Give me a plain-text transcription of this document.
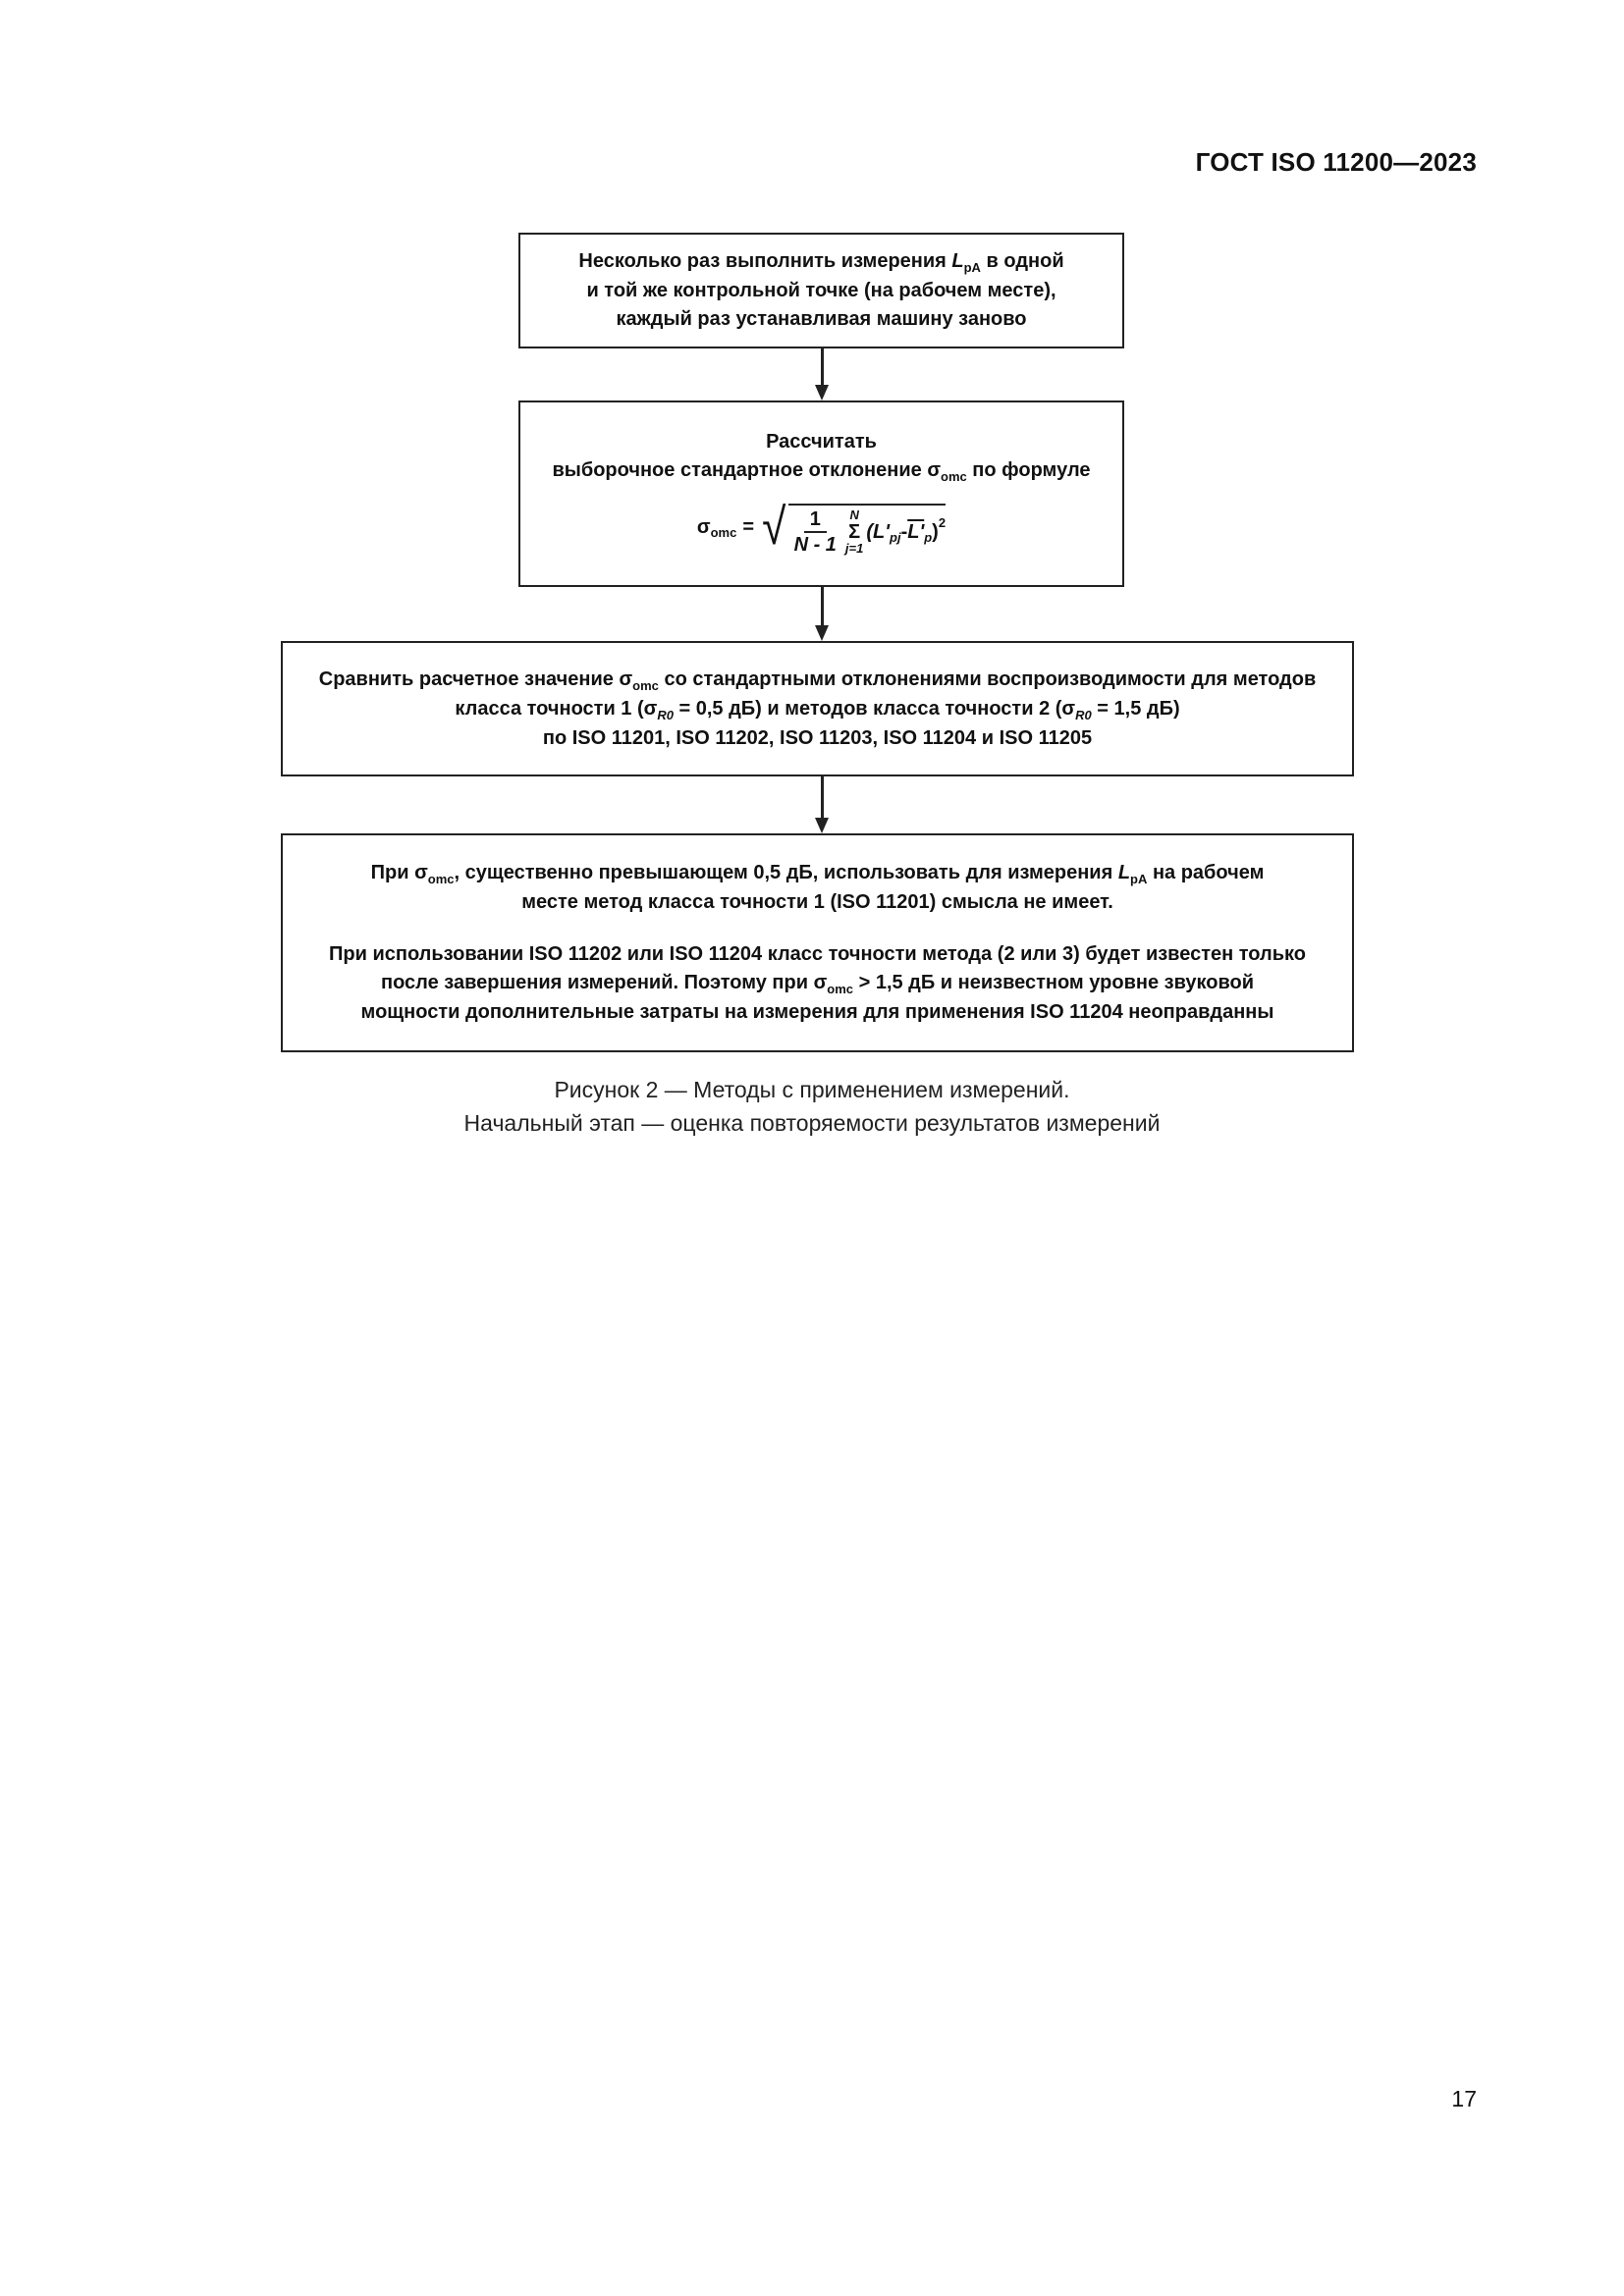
ГОСТ ISO 11200—2023

Несколько раз выполнить измерения $L_{pA}$ в одной

и той же контрольной точке (на рабочем месте),

каждый раз устанавливая машину заново

Рассчитать

выборочное стандартное отклонение $\sigma_{omc}$ по формуле

σ omc = √ $\frac{1}{N - 1}$ N
Σ
j=1
(L' pj - L' p ) 2

Сравнить расчетное значение $\sigma_{omc}$ со стандартными отклонениями воспроизводимости для методов

класса точности 1 ($\sigma_{R0} = 0,5$ дБ) и методов класса точности 2 ($\sigma_{R0} = 1,5$ дБ)

по ISO 11201, ISO 11202, ISO 11203, ISO 11204 и ISO 11205

При $\sigma_{omc}$, существенно превышающем 0,5 дБ, использовать для измерения $L_{pA}$ на рабочем

месте метод класса точности 1 (ISO 11201) смысла не имеет.

При использовании ISO 11202 или ISO 11204 класс точности метода (2 или 3) будет известен только

после завершения измерений. Поэтому при $\sigma_{omc} > 1,5$ дБ и неизвестном уровне звуковой

мощности дополнительные затраты на измерения для применения ISO 11204 неоправданны

Рисунок 2 — Методы с применением измерений.
Начальный этап — оценка повторяемости результатов измерений
17
